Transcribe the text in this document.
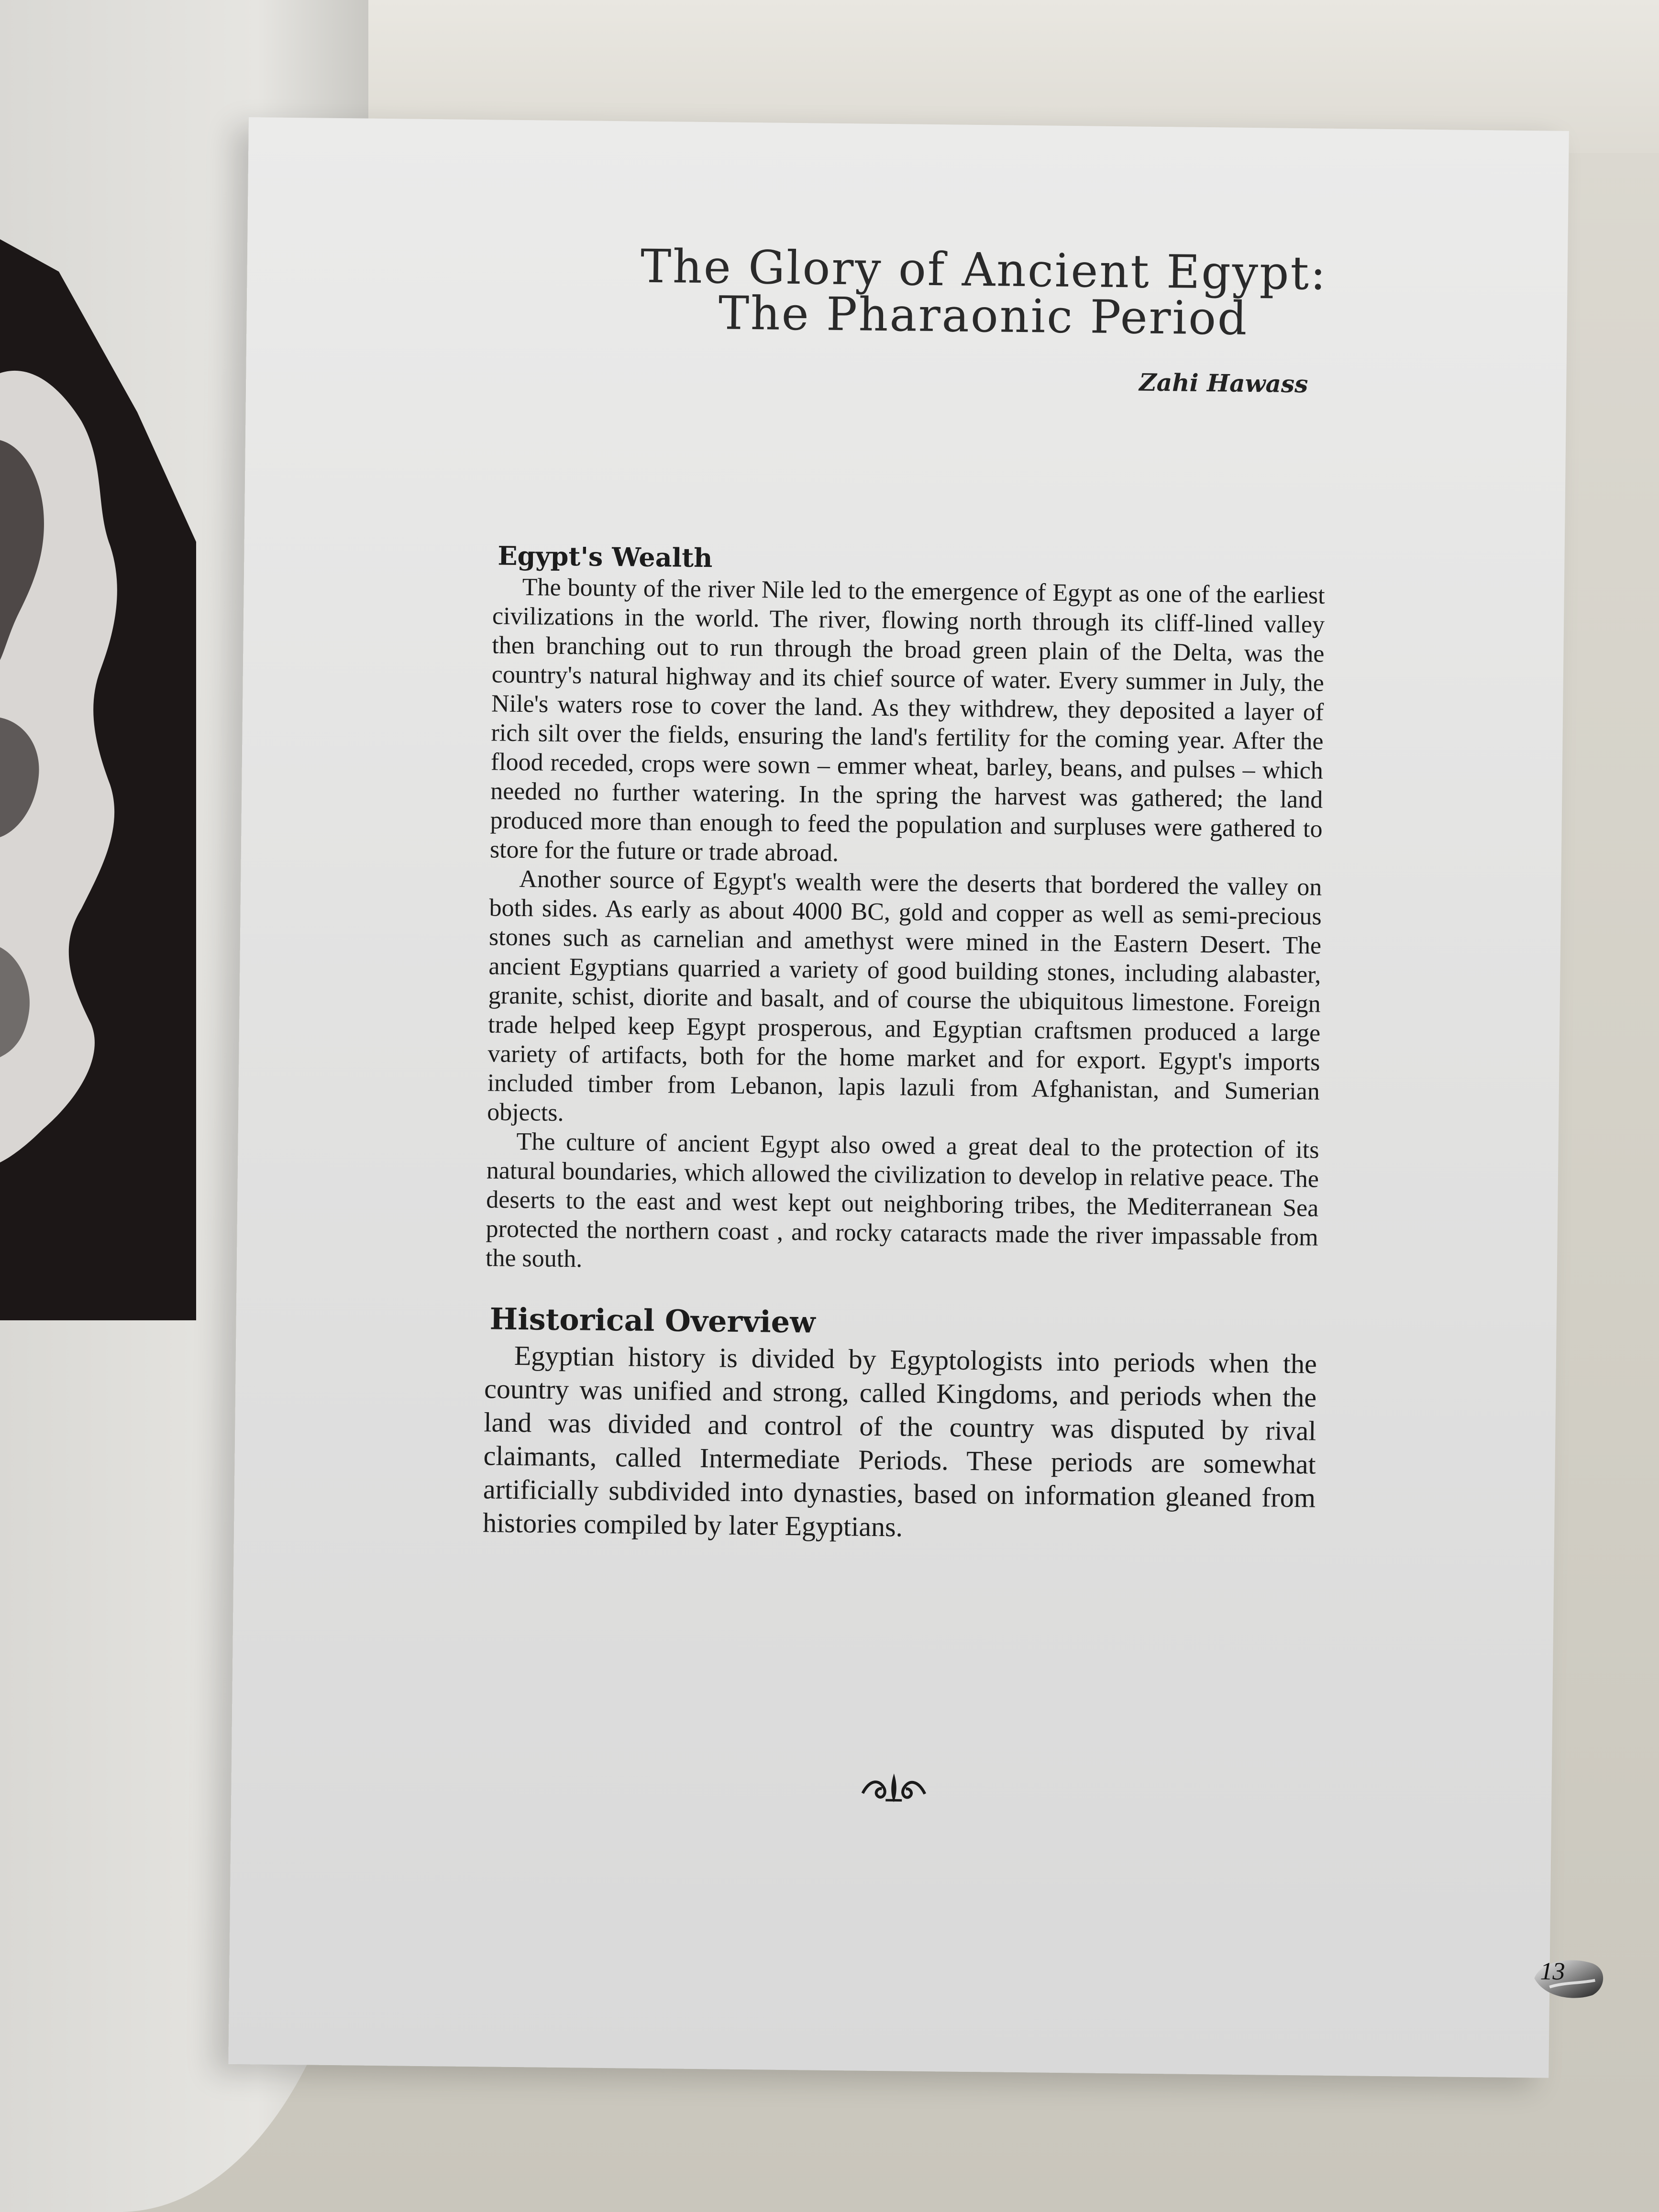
The Glory of Ancient Egypt:
The Pharaonic Period
Zahi Hawass
Egypt's Wealth

The bounty of the river Nile led to the emergence of Egypt as one of the earliest civilizations in the world. The river, flowing north through its cliff-lined valley then branching out to run through the broad green plain of the Delta, was the country's natural highway and its chief source of water. Every summer in July, the Nile's waters rose to cover the land. As they withdrew, they deposited a layer of rich silt over the fields, ensuring the land's fertility for the coming year. After the flood receded, crops were sown – emmer wheat, barley, beans, and pulses – which needed no further watering. In the spring the harvest was gathered; the land produced more than enough to feed the population and surpluses were gathered to store for the future or trade abroad.

Another source of Egypt's wealth were the deserts that bordered the valley on both sides. As early as about 4000 BC, gold and copper as well as semi-precious stones such as carnelian and amethyst were mined in the Eastern Desert. The ancient Egyptians quarried a variety of good building stones, including alabaster, granite, schist, diorite and basalt, and of course the ubiquitous limestone. Foreign trade helped keep Egypt prosperous, and Egyptian craftsmen produced a large variety of artifacts, both for the home market and for export. Egypt's imports included timber from Lebanon, lapis lazuli from Afghanistan, and Sumerian objects.

The culture of ancient Egypt also owed a great deal to the protection of its natural boundaries, which allowed the civilization to develop in relative peace. The deserts to the east and west kept out neighboring tribes, the Mediterranean Sea protected the northern coast , and rocky cataracts made the river impassable from the south.

Historical Overview

Egyptian history is divided by Egyptologists into periods when the country was unified and strong, called Kingdoms, and periods when the land was divided and control of the country was disputed by rival claimants, called Intermediate Periods. These periods are somewhat artificially subdivided into dynasties, based on information gleaned from histories compiled by later Egyptians.

13
